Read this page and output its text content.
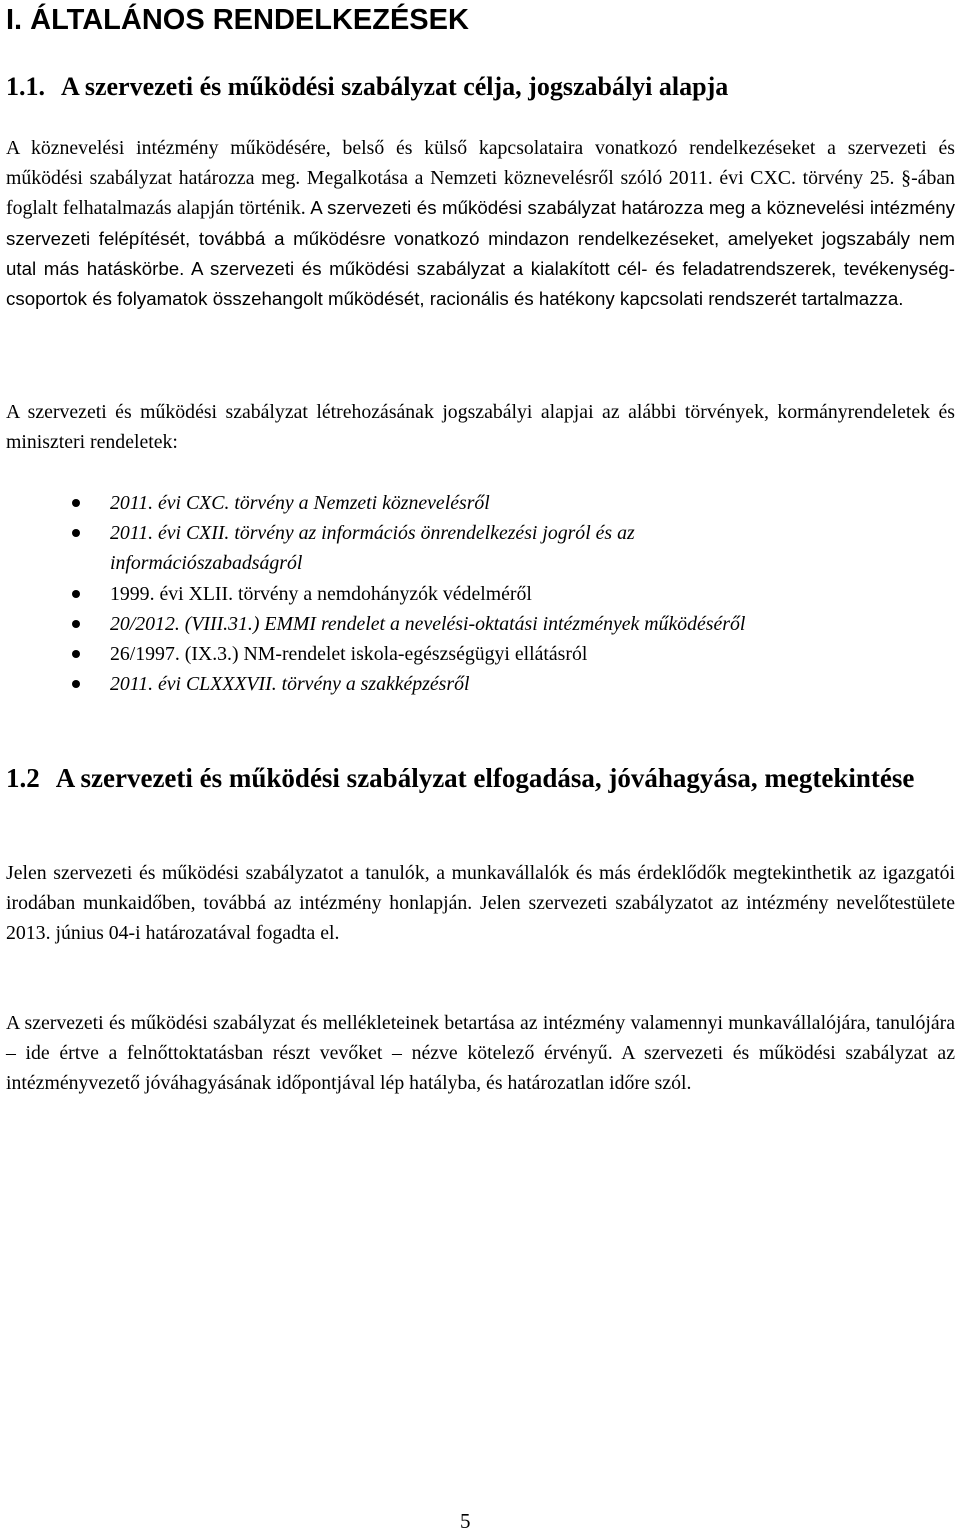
I. ÁLTALÁNOS RENDELKEZÉSEK
1.1. A szervezeti és működési szabályzat célja, jogszabályi alapja

A köznevelési intézmény működésére, belső és külső kapcsolataira vonatkozó rendelkezéseket a szervezeti és működési szabályzat határozza meg. Megalkotása a Nemzeti köznevelésről szóló 2011. évi CXC. törvény 25. §-ában foglalt felhatalmazás alapján történik. A szervezeti és működési szabályzat határozza meg a köznevelési intézmény szervezeti felépítését, továbbá a működésre vonatkozó mindazon rendelkezéseket, amelyeket jogszabály nem utal más hatáskörbe. A szervezeti és működési szabályzat a kialakított cél- és feladatrendszerek, tevékenység-csoportok és folyamatok összehangolt működését, racionális és hatékony kapcsolati rendszerét tartalmazza.

A szervezeti és működési szabályzat létrehozásának jogszabályi alapjai az alábbi törvények, kormányrendeletek és miniszteri rendeletek:

2011. évi CXC. törvény a Nemzeti köznevelésről
2011. évi CXII. törvény az információs önrendelkezési jogról és az információszabadságról
1999. évi XLII. törvény a nemdohányzók védelméről
20/2012. (VIII.31.) EMMI rendelet a nevelési-oktatási intézmények működéséről
26/1997. (IX.3.) NM-rendelet iskola-egészségügyi ellátásról
2011. évi CLXXXVII. törvény a szakképzésről
1.2 A szervezeti és működési szabályzat elfogadása, jóváhagyása, megtekintése

Jelen szervezeti és működési szabályzatot a tanulók, a munkavállalók és más érdeklődők megtekinthetik az igazgatói irodában munkaidőben, továbbá az intézmény honlapján. Jelen szervezeti szabályzatot az intézmény nevelőtestülete 2013. június 04-i határozatával fogadta el.

A szervezeti és működési szabályzat és mellékleteinek betartása az intézmény valamennyi munkavállalójára, tanulójára – ide értve a felnőttoktatásban részt vevőket – nézve kötelező érvényű. A szervezeti és működési szabályzat az intézményvezető jóváhagyásának időpontjával lép hatályba, és határozatlan időre szól.

5
